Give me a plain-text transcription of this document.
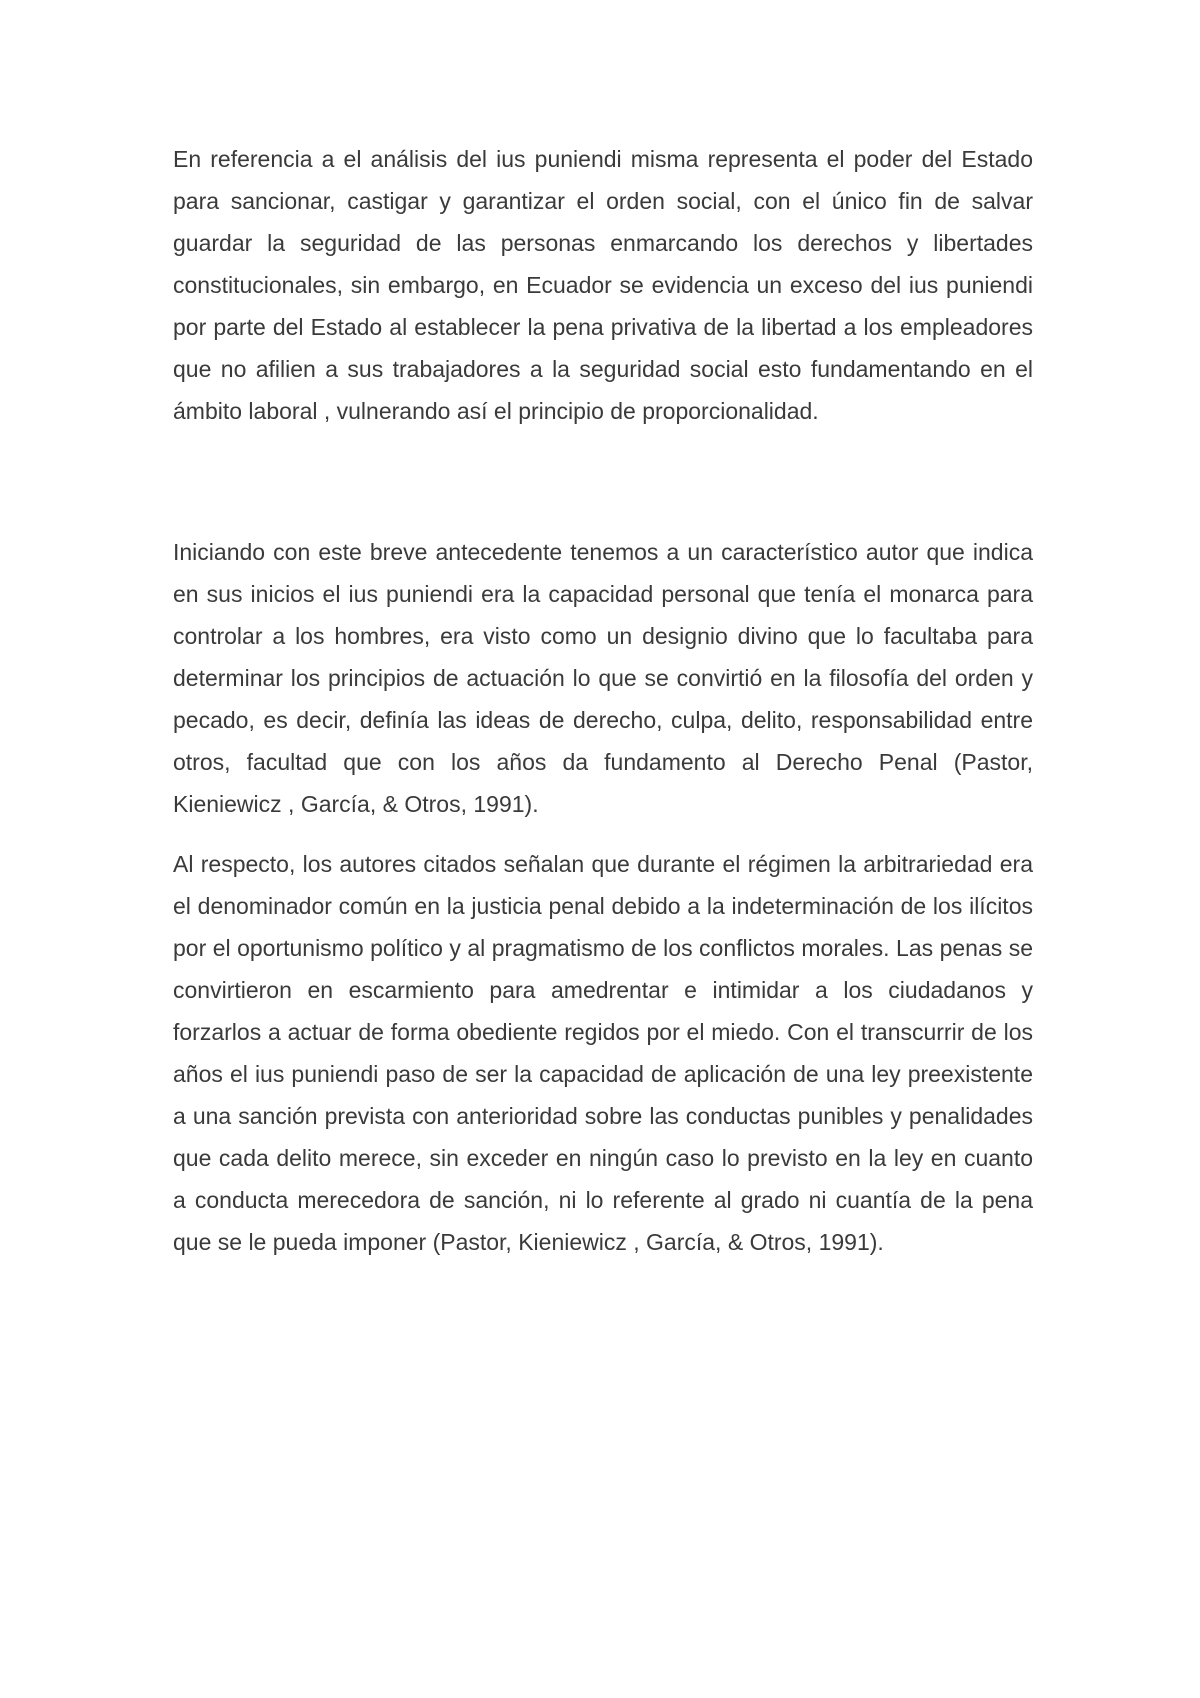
En referencia a el análisis del ius puniendi misma representa el poder del Estado para sancionar, castigar y garantizar el orden social, con el único fin de salvar guardar la seguridad de las personas enmarcando los derechos y libertades constitucionales, sin embargo, en Ecuador se evidencia un exceso del ius puniendi por parte del Estado al establecer la pena privativa de la libertad a los empleadores que no afilien a sus trabajadores a la seguridad social esto fundamentando en el ámbito laboral , vulnerando así el principio de proporcionalidad.

Iniciando con este breve antecedente tenemos a un característico autor que indica en sus inicios el ius puniendi era la capacidad personal que tenía el monarca para controlar a los hombres, era visto como un designio divino que lo facultaba para determinar los principios de actuación lo que se convirtió en la filosofía del orden y pecado, es decir, definía las ideas de derecho, culpa, delito, responsabilidad entre otros, facultad que con los años da fundamento al Derecho Penal (Pastor, Kieniewicz , García, & Otros, 1991).

Al respecto, los autores citados señalan que durante el régimen la arbitrariedad era el denominador común en la justicia penal debido a la indeterminación de los ilícitos por el oportunismo político y al pragmatismo de los conflictos morales. Las penas se convirtieron en escarmiento para amedrentar e intimidar a los ciudadanos y forzarlos a actuar de forma obediente regidos por el miedo. Con el transcurrir de los años el ius puniendi paso de ser la capacidad de aplicación de una ley preexistente a una sanción prevista con anterioridad sobre las conductas punibles y penalidades que cada delito merece, sin exceder en ningún caso lo previsto en la ley en cuanto a conducta merecedora de sanción, ni lo referente al grado ni cuantía de la pena que se le pueda imponer (Pastor, Kieniewicz , García, & Otros, 1991).
